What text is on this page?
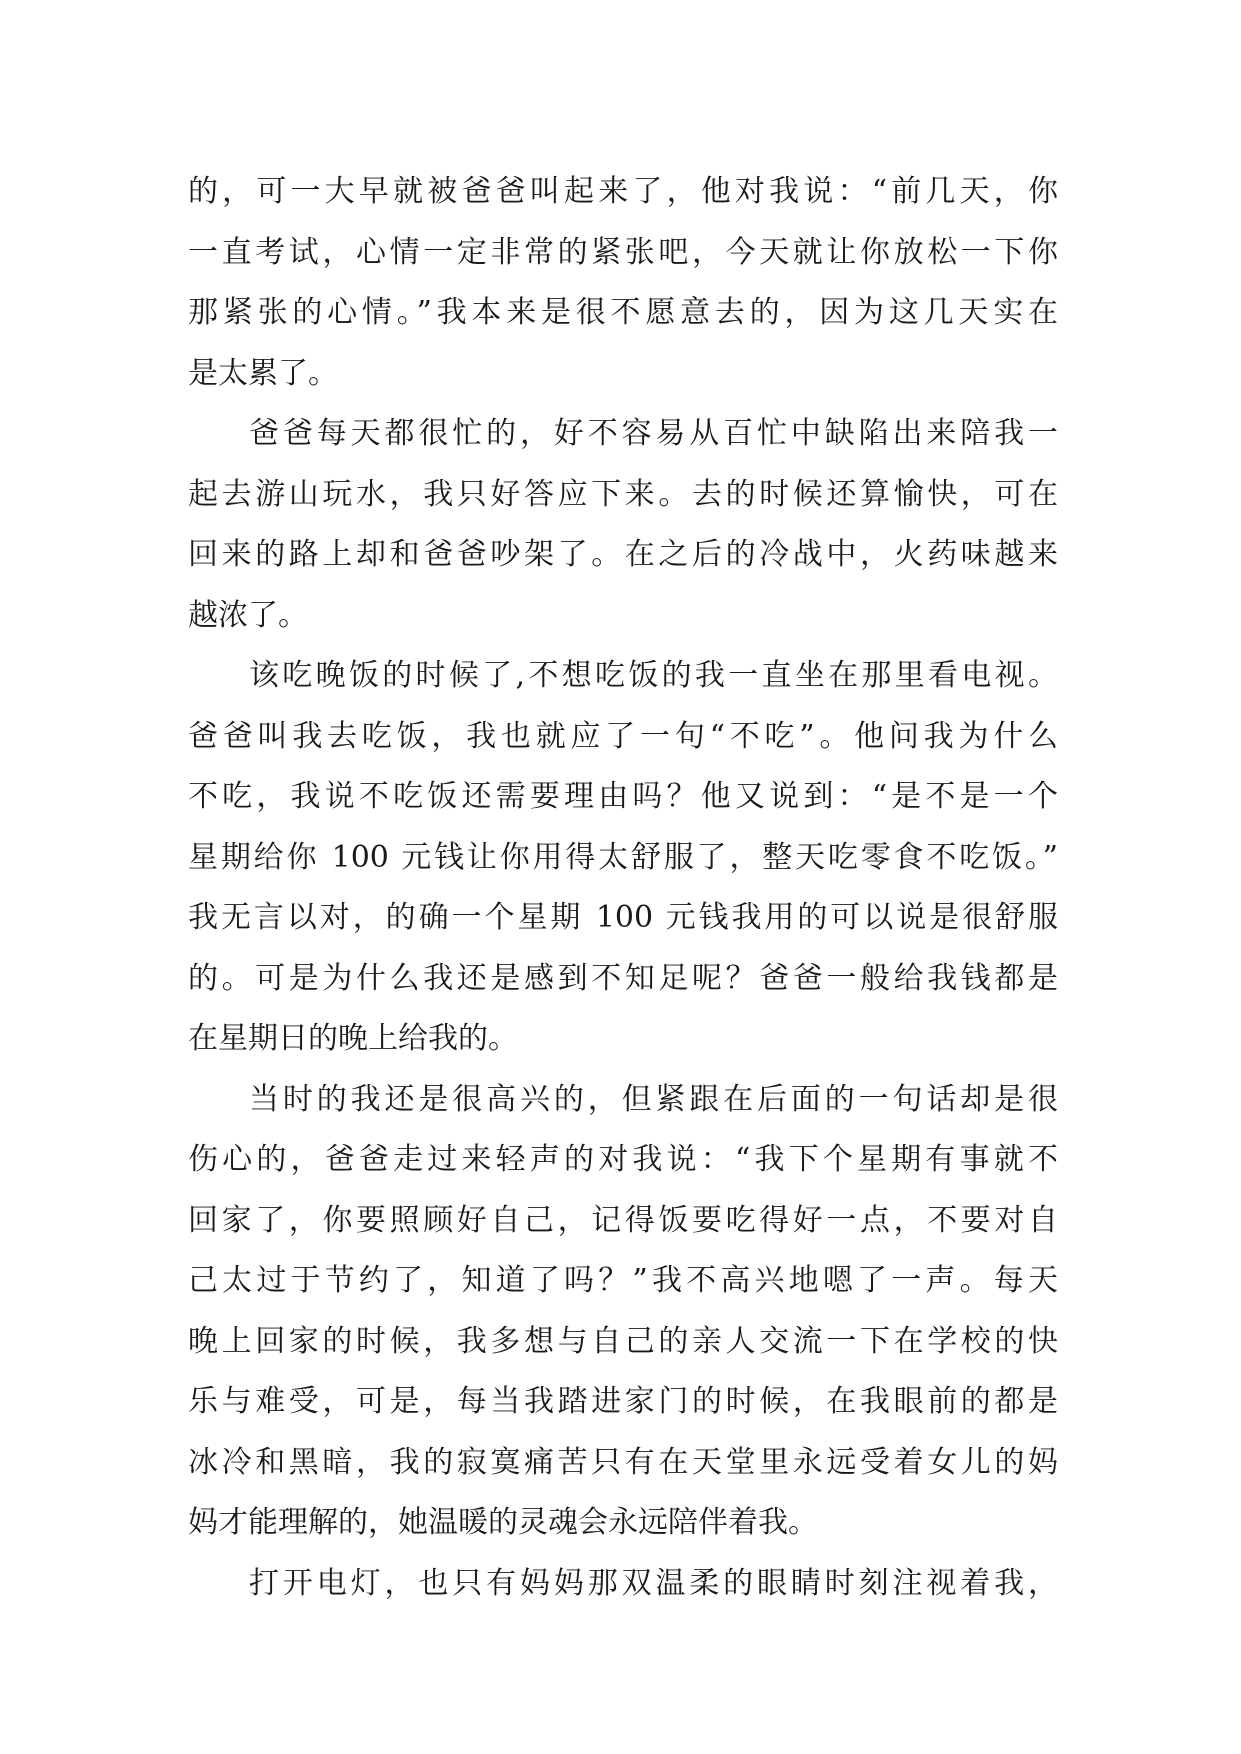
的，可一大早就被爸爸叫起来了，他对我说：“前几天，你
一直考试，心情一定非常的紧张吧，今天就让你放松一下你
那紧张的心情。”我本来是很不愿意去的，因为这几天实在
是太累了。
爸爸每天都很忙的，好不容易从百忙中缺陷出来陪我一
起去游山玩水，我只好答应下来。去的时候还算愉快，可在
回来的路上却和爸爸吵架了。在之后的冷战中，火药味越来
越浓了。
该吃晚饭的时候了,不想吃饭的我一直坐在那里看电视。
爸爸叫我去吃饭，我也就应了一句“不吃”。他问我为什么
不吃，我说不吃饭还需要理由吗？他又说到：“是不是一个
星期给你 100 元钱让你用得太舒服了，整天吃零食不吃饭。”
我无言以对，的确一个星期 100 元钱我用的可以说是很舒服
的。可是为什么我还是感到不知足呢？爸爸一般给我钱都是
在星期日的晚上给我的。
当时的我还是很高兴的，但紧跟在后面的一句话却是很
伤心的，爸爸走过来轻声的对我说：“我下个星期有事就不
回家了，你要照顾好自己，记得饭要吃得好一点，不要对自
己太过于节约了，知道了吗？”我不高兴地嗯了一声。每天
晚上回家的时候，我多想与自己的亲人交流一下在学校的快
乐与难受，可是，每当我踏进家门的时候，在我眼前的都是
冰冷和黑暗，我的寂寞痛苦只有在天堂里永远受着女儿的妈
妈才能理解的，她温暖的灵魂会永远陪伴着我。
打开电灯，也只有妈妈那双温柔的眼睛时刻注视着我，
